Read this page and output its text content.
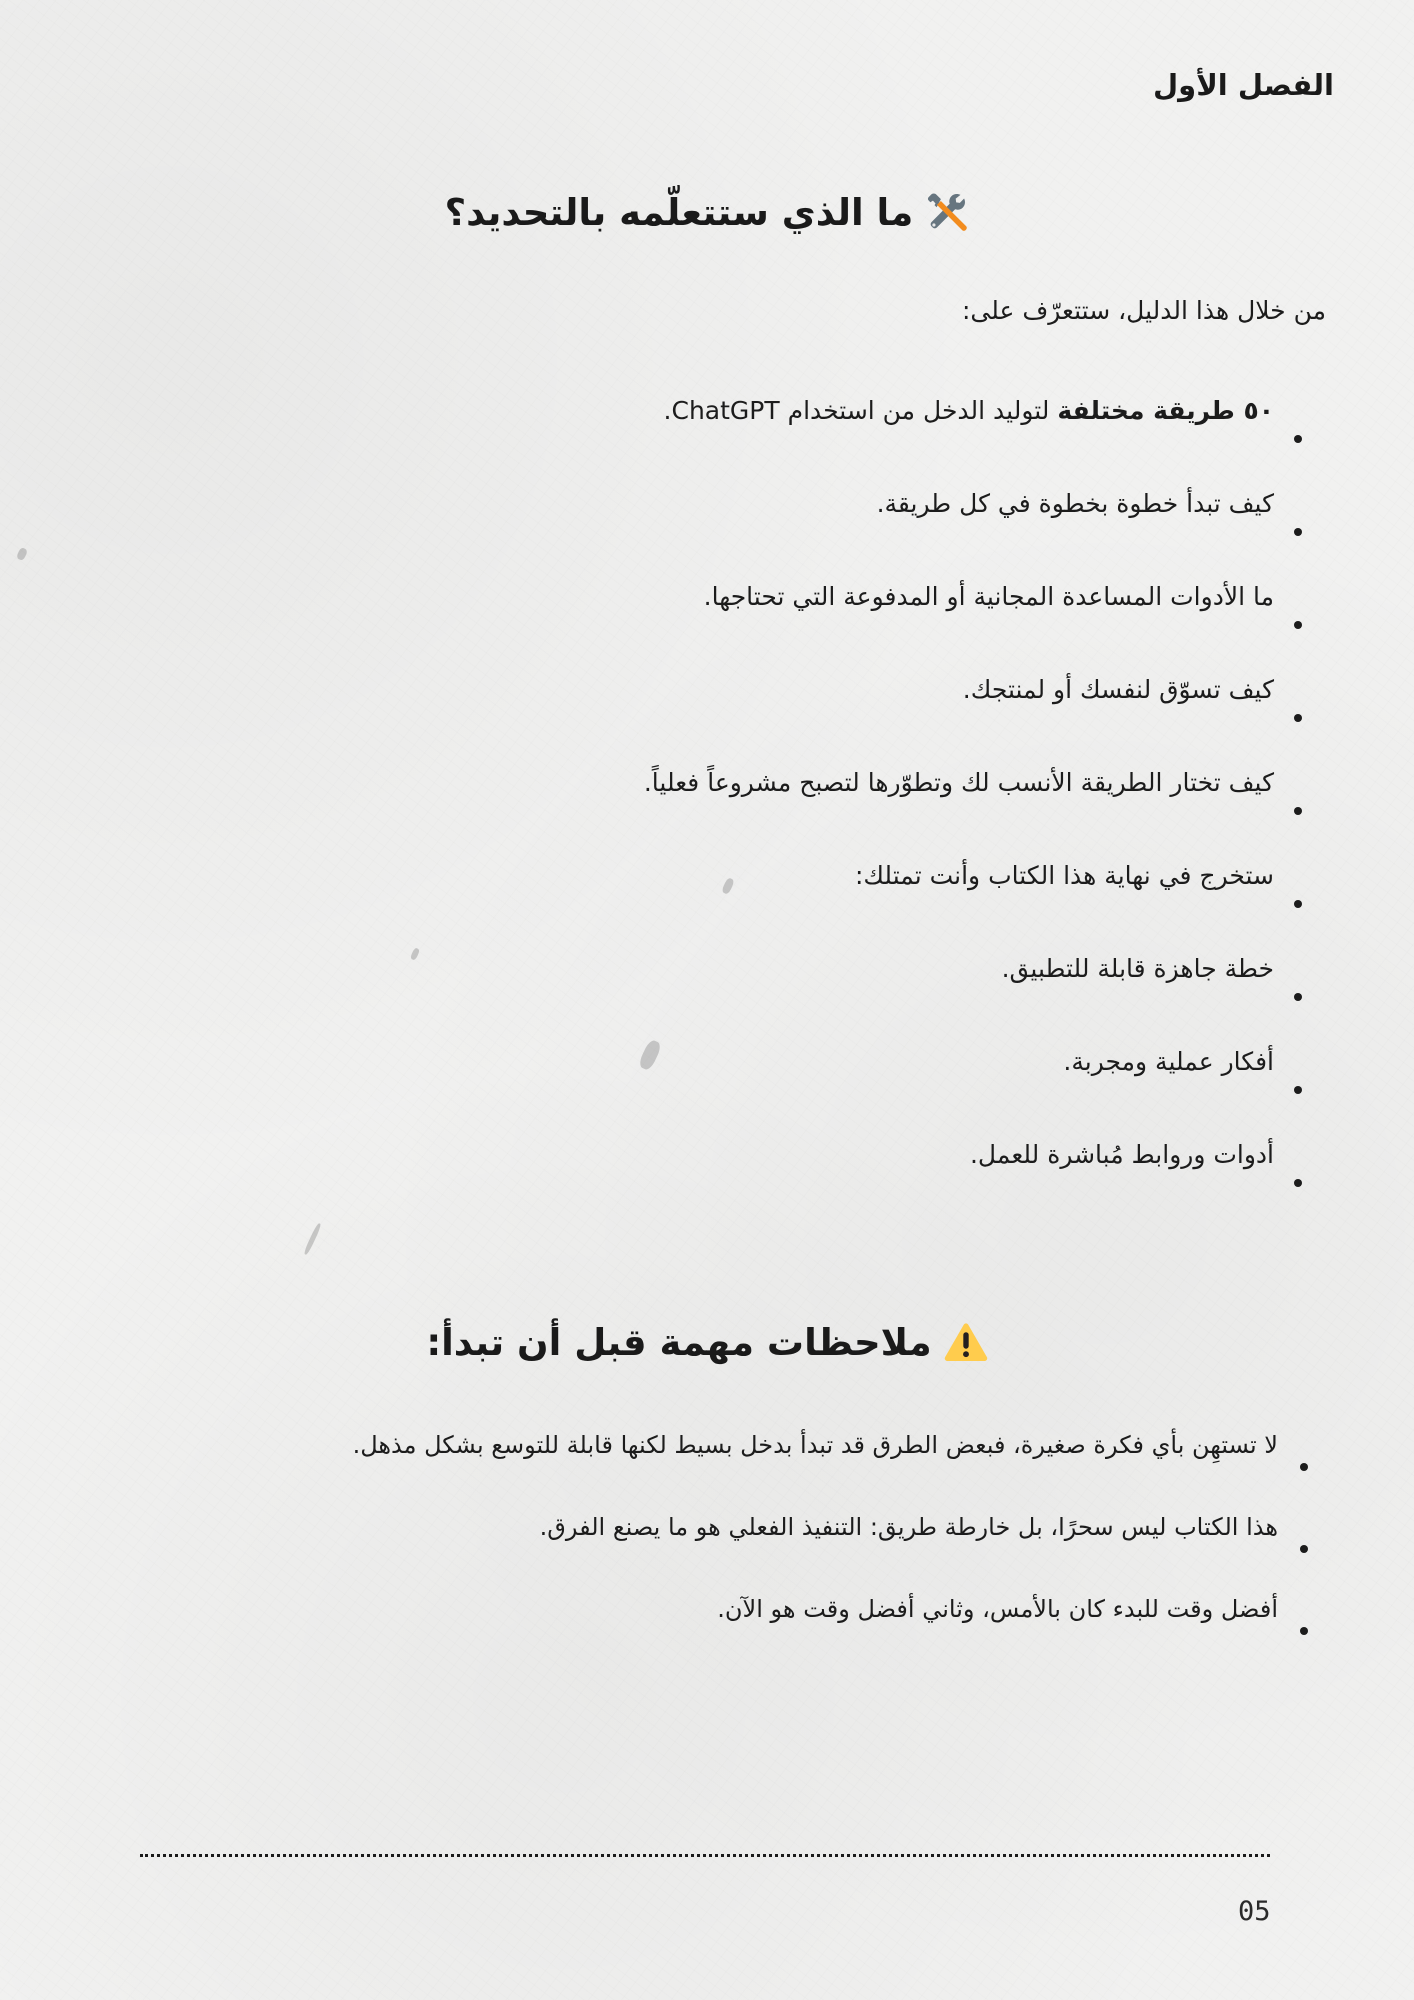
الفصل الأول
ما الذي ستتعلّمه بالتحديد؟

من خلال هذا الدليل، ستتعرّف على:

٥٠ طريقة مختلفة لتوليد الدخل من استخدام ChatGPT.
كيف تبدأ خطوة بخطوة في كل طريقة.
ما الأدوات المساعدة المجانية أو المدفوعة التي تحتاجها.
كيف تسوّق لنفسك أو لمنتجك.
كيف تختار الطريقة الأنسب لك وتطوّرها لتصبح مشروعاً فعلياً.
ستخرج في نهاية هذا الكتاب وأنت تمتلك:
خطة جاهزة قابلة للتطبيق.
أفكار عملية ومجربة.
أدوات وروابط مُباشرة للعمل.
ملاحظات مهمة قبل أن تبدأ:
لا تستهِن بأي فكرة صغيرة، فبعض الطرق قد تبدأ بدخل بسيط لكنها قابلة للتوسع بشكل مذهل.
هذا الكتاب ليس سحرًا، بل خارطة طريق: التنفيذ الفعلي هو ما يصنع الفرق.
أفضل وقت للبدء كان بالأمس، وثاني أفضل وقت هو الآن.
05
